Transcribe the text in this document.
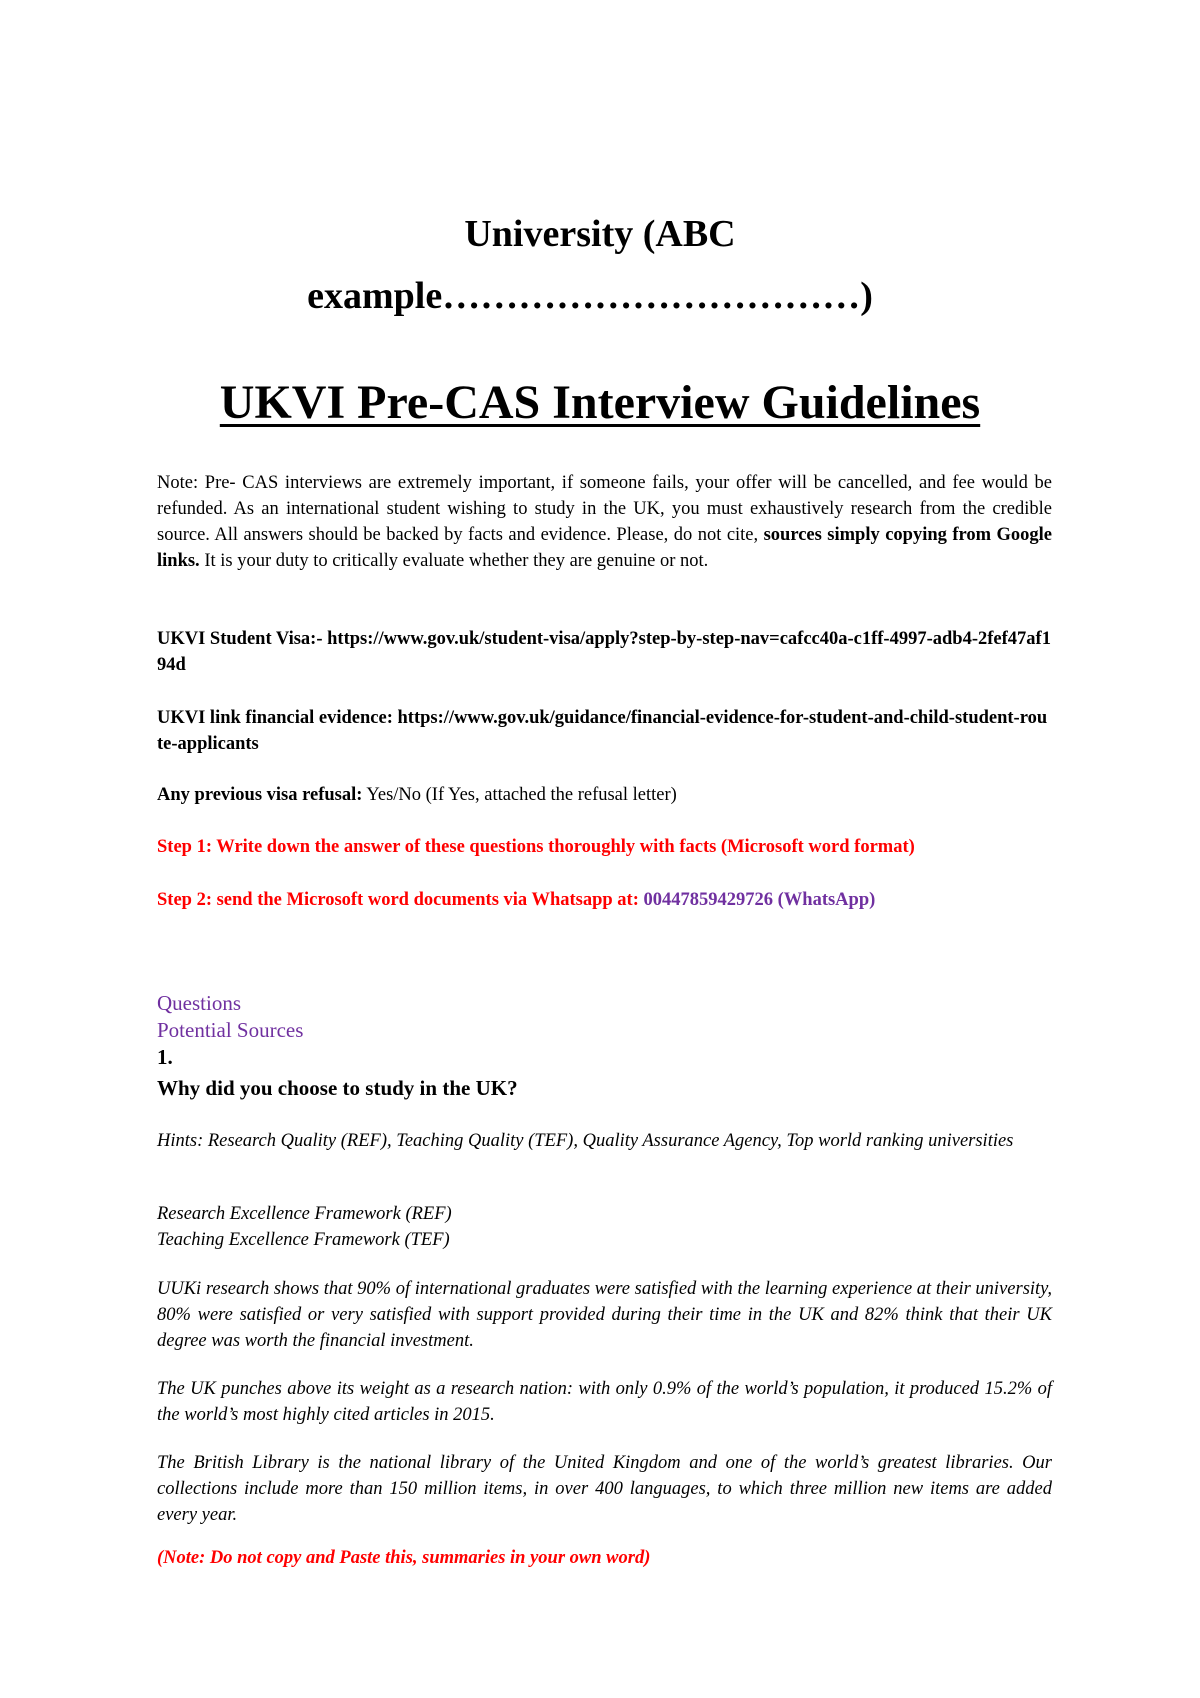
University (ABC
example……………………………)
UKVI Pre-CAS Interview Guidelines

Note: Pre- CAS interviews are extremely important, if someone fails, your offer will be cancelled, and fee would be refunded. As an international student wishing to study in the UK, you must exhaustively research from the credible source. All answers should be backed by facts and evidence. Please, do not cite, sources simply copying from Google links. It is your duty to critically evaluate whether they are genuine or not.

UKVI Student Visa:- https://www.gov.uk/student-visa/apply?step-by-step-nav=cafcc40a-c1ff-4997-adb4-2fef47af194d

UKVI link financial evidence: https://www.gov.uk/guidance/financial-evidence-for-student-and-child-student-route-applicants

Any previous visa refusal: Yes/No (If Yes, attached the refusal letter)

Step 1: Write down the answer of these questions thoroughly with facts (Microsoft word format)

Step 2: send the Microsoft word documents via Whatsapp at: 00447859429726 (WhatsApp)

Questions
Potential Sources
1.
Why did you choose to study in the UK?

Hints: Research Quality (REF), Teaching Quality (TEF), Quality Assurance Agency, Top world ranking universities

Research Excellence Framework (REF)
Teaching Excellence Framework (TEF)

UUKi research shows that 90% of international graduates were satisfied with the learning experience at their university, 80% were satisfied or very satisfied with support provided during their time in the UK and 82% think that their UK degree was worth the financial investment.

The UK punches above its weight as a research nation: with only 0.9% of the world’s population, it produced 15.2% of the world’s most highly cited articles in 2015.

The British Library is the national library of the United Kingdom and one of the world’s greatest libraries. Our collections include more than 150 million items, in over 400 languages, to which three million new items are added every year.

(Note: Do not copy and Paste this, summaries in your own word)
